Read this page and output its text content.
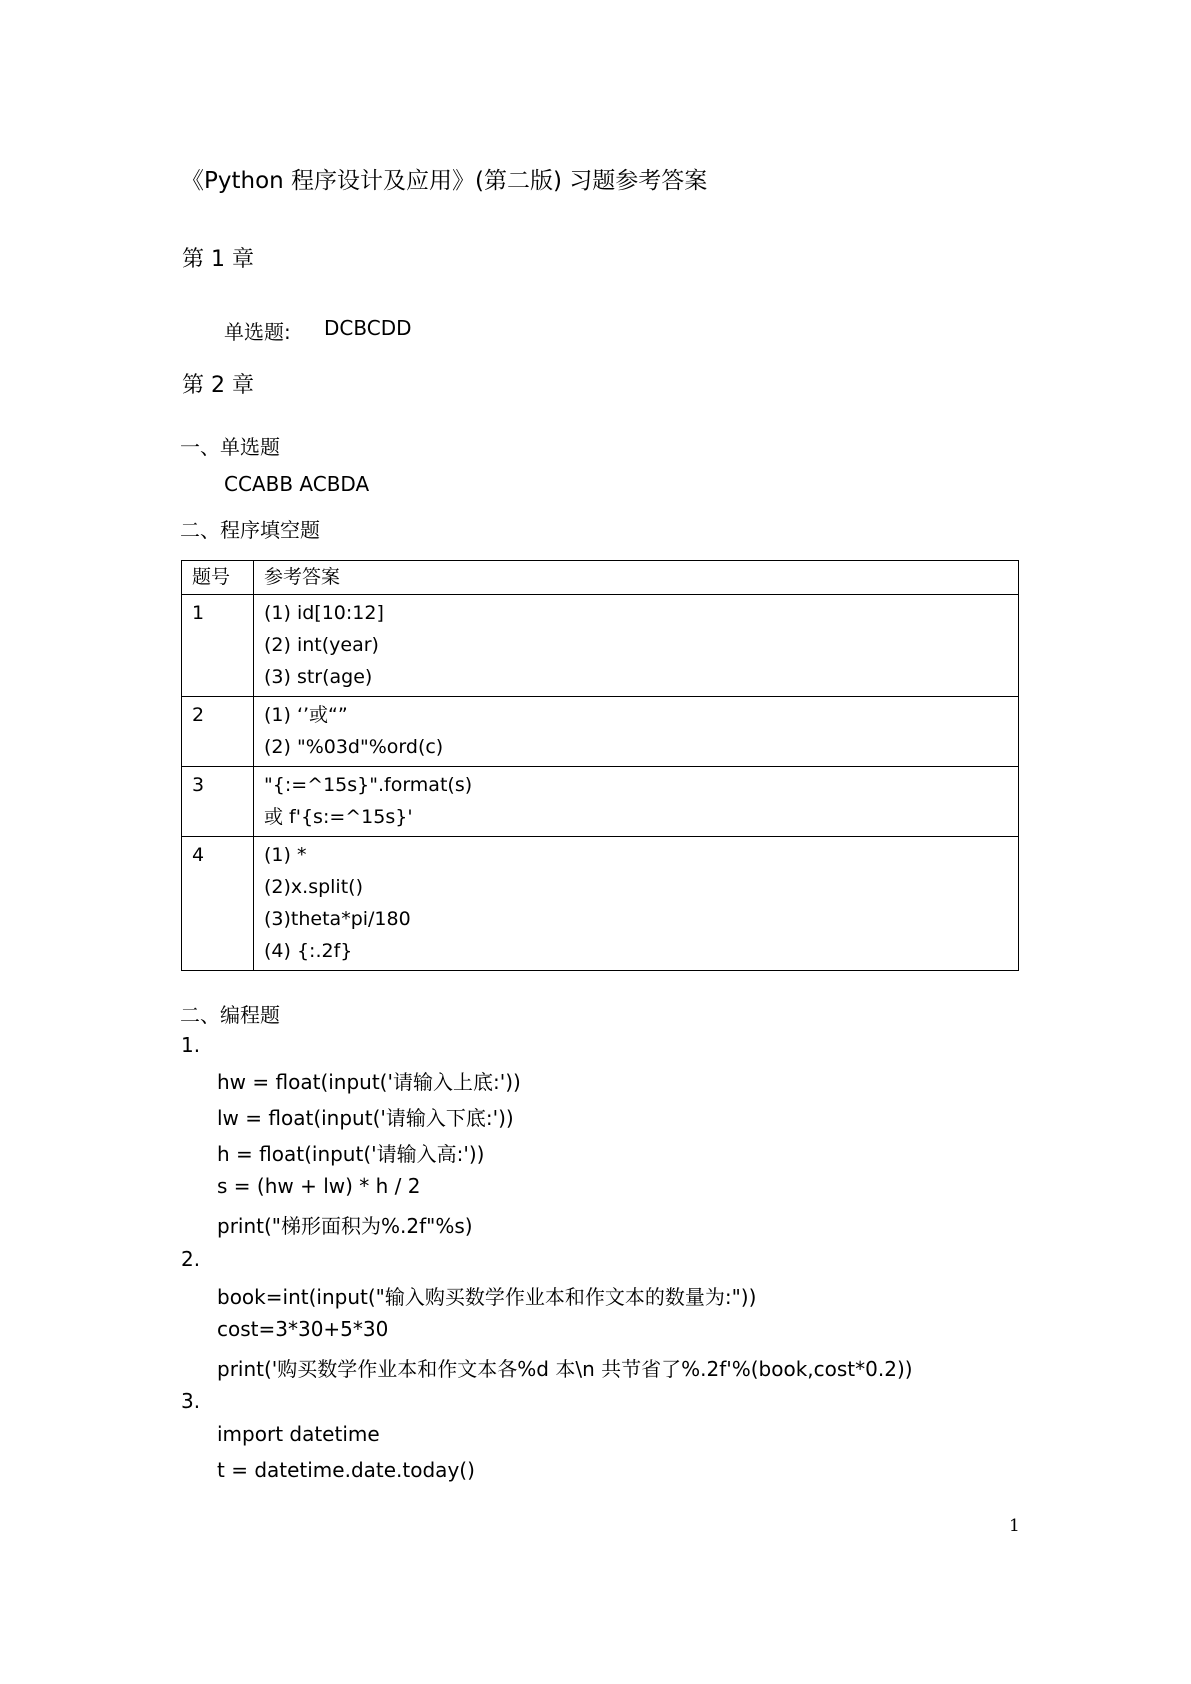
《Python 程序设计及应用》(第二版) 习题参考答案
第 1 章
单选题: DCBCDD
第 2 章
一、单选题
CCABB ACBDA
二、程序填空题
题号	参考答案
1	(1) id[10:12]
(2) int(year)
(3) str(age)

2	(1) ‘’或“”
(2) "%03d"%ord(c)

3	"{:=^15s}".format(s)
或 f'{s:=^15s}'

4	(1) *
(2)x.split()
(3)theta*pi/180
(4) {:.2f}
二、编程题
1.
hw = float(input('请输入上底:'))
lw = float(input('请输入下底:'))
h = float(input('请输入高:'))
s = (hw + lw) * h / 2
print("梯形面积为%.2f"%s)
2.
book=int(input("输入购买数学作业本和作文本的数量为:"))
cost=3*30+5*30
print('购买数学作业本和作文本各%d 本\n 共节省了%.2f'%(book,cost*0.2))
3.
import datetime
t = datetime.date.today()
1
